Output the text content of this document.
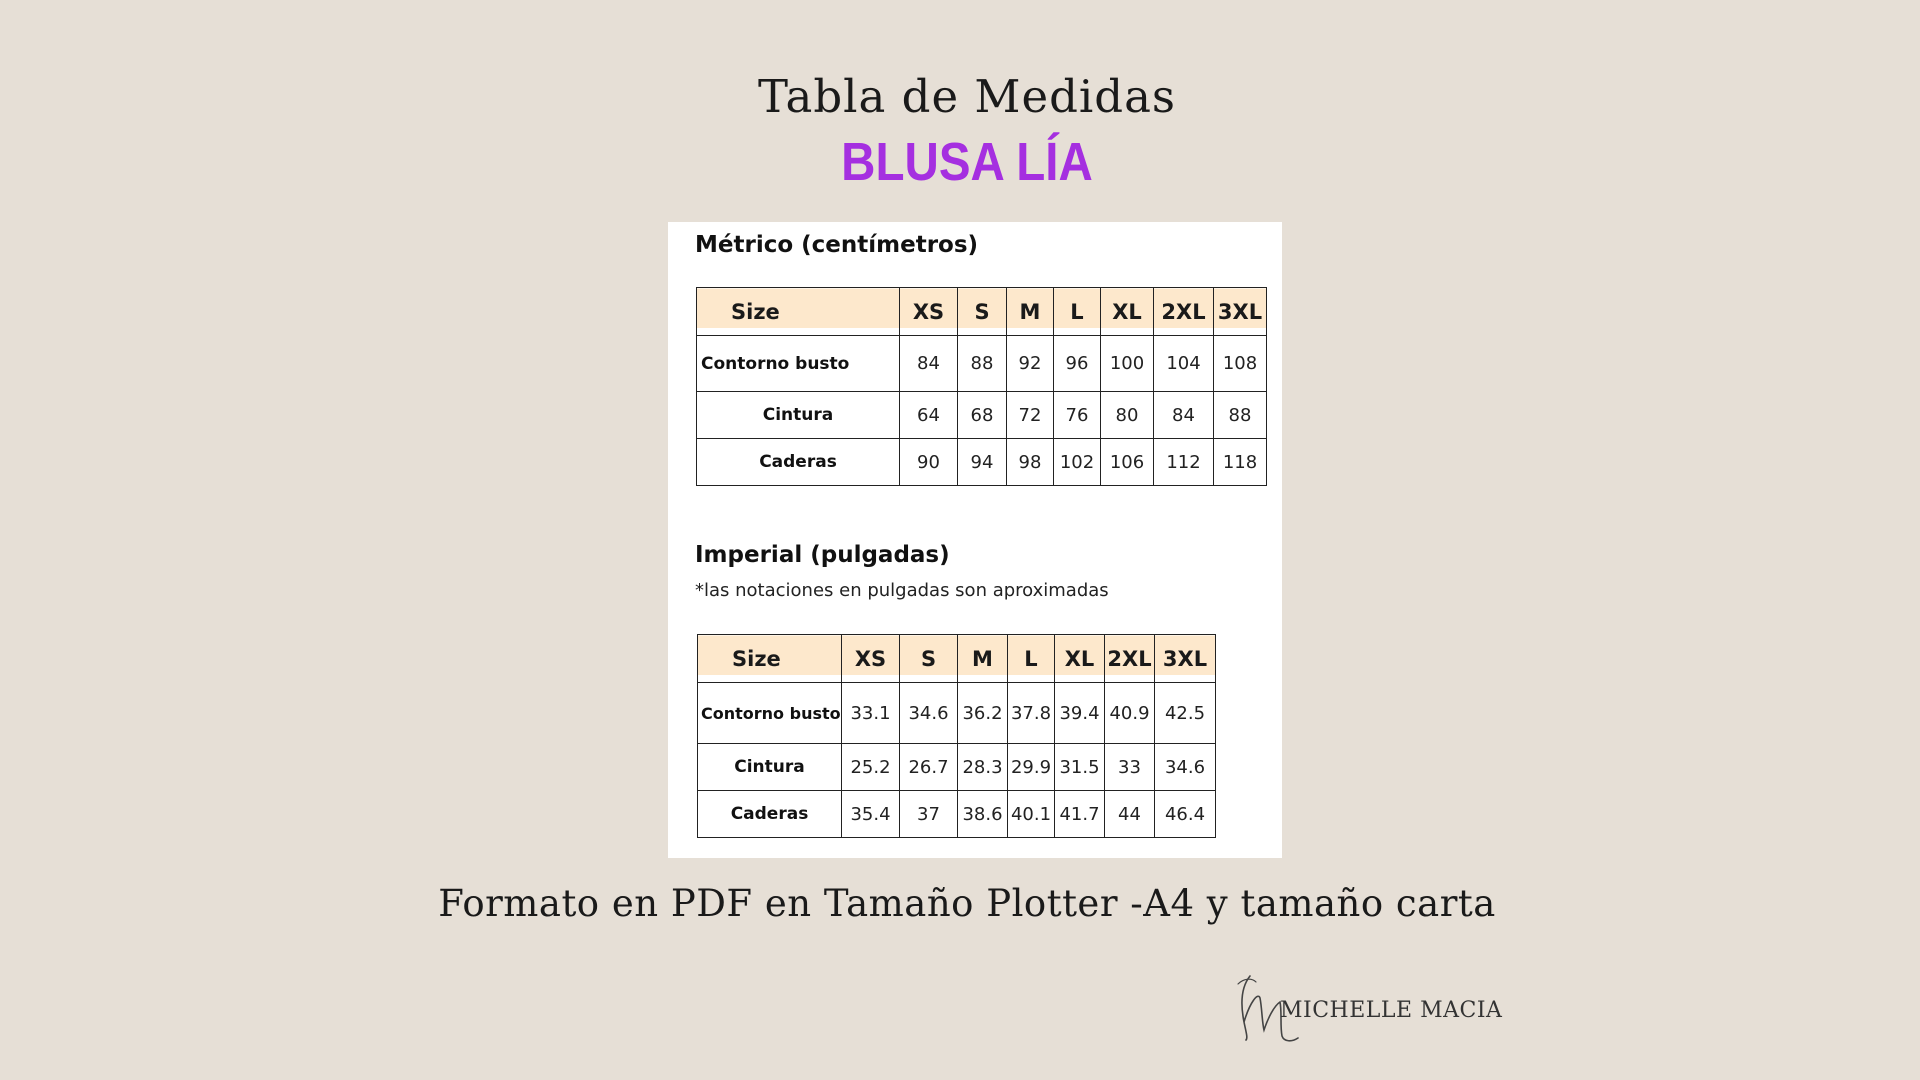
Tabla de Medidas
BLUSA LÍA
Métrico (centímetros)
Size	XS	S	M	L	XL	2XL	3XL
Contorno busto	84	88	92	96	100	104	108
Cintura	64	68	72	76	80	84	88
Caderas	90	94	98	102	106	112	118
Imperial (pulgadas)
*las notaciones en pulgadas son aproximadas
Size	XS	S	M	L	XL	2XL	3XL
Contorno busto	33.1	34.6	36.2	37.8	39.4	40.9	42.5
Cintura	25.2	26.7	28.3	29.9	31.5	33	34.6
Caderas	35.4	37	38.6	40.1	41.7	44	46.4
Formato en PDF en Tamaño Plotter -A4 y tamaño carta
MICHELLE MACIA
